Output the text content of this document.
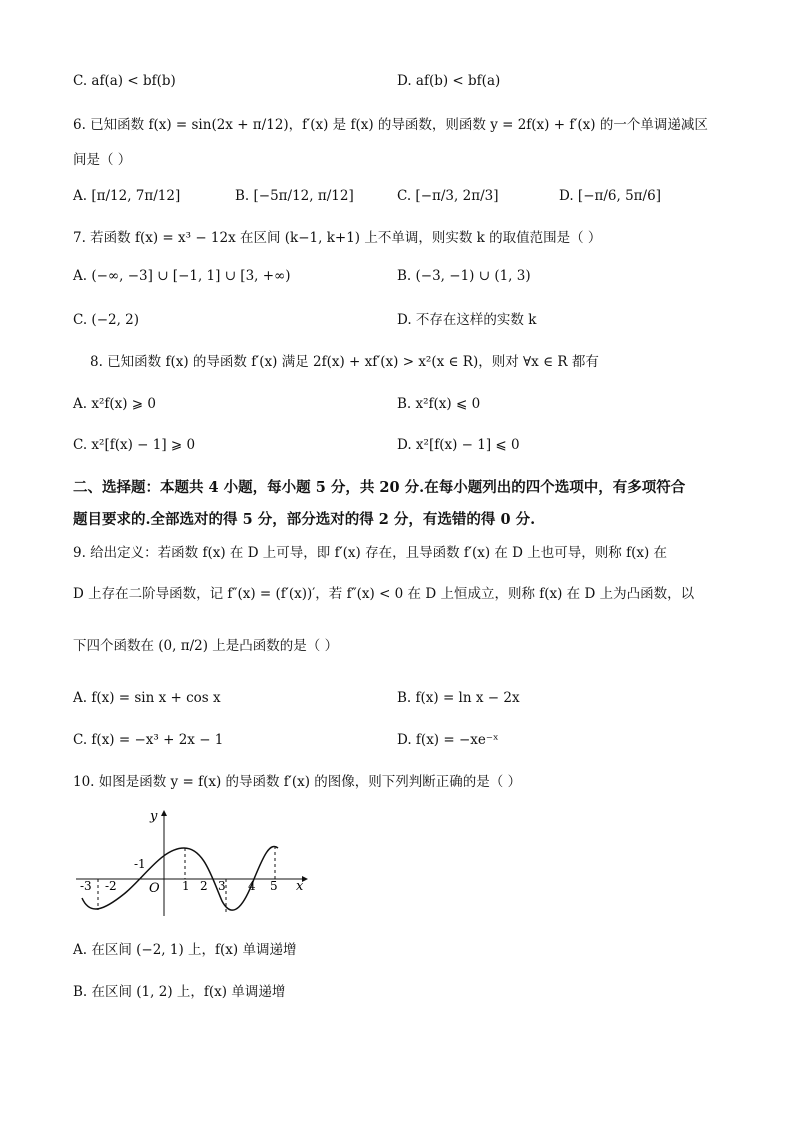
C. af(a) < bf(b)	D. af(b) < bf(a)
6. 已知函数 f(x) = sin(2x + π/12)，f′(x) 是 f(x) 的导函数，则函数 y = 2f(x) + f′(x) 的一个单调递减区
间是（ ）
A. [π/12, 7π/12]	B. [−5π/12, π/12]	C. [−π/3, 2π/3]	D. [−π/6, 5π/6]
7. 若函数 f(x) = x³ − 12x 在区间 (k−1, k+1) 上不单调，则实数 k 的取值范围是（ ）
A. (−∞, −3] ∪ [−1, 1] ∪ [3, +∞)	B. (−3, −1) ∪ (1, 3)
C. (−2, 2)	D. 不存在这样的实数 k
8. 已知函数 f(x) 的导函数 f′(x) 满足 2f(x) + xf′(x) > x²(x ∈ R)，则对 ∀x ∈ R 都有
A. x²f(x) ⩾ 0	B. x²f(x) ⩽ 0
C. x²[f(x) − 1] ⩾ 0	D. x²[f(x) − 1] ⩽ 0
二、选择题：本题共 4 小题，每小题 5 分，共 20 分.在每小题列出的四个选项中，有多项符合
题目要求的.全部选对的得 5 分，部分选对的得 2 分，有选错的得 0 分.
9. 给出定义：若函数 f(x) 在 D 上可导，即 f′(x) 存在，且导函数 f′(x) 在 D 上也可导，则称 f(x) 在
D 上存在二阶导函数，记 f″(x) = (f′(x))′，若 f″(x) < 0 在 D 上恒成立，则称 f(x) 在 D 上为凸函数，以
下四个函数在 (0, π/2) 上是凸函数的是（ ）
A. f(x) = sin x + cos x	B. f(x) = ln x − 2x
C. f(x) = −x³ + 2x − 1	D. f(x) = −xe⁻ˣ
10. 如图是函数 y = f(x) 的导函数 f′(x) 的图像，则下列判断正确的是（ ）
y
x
O
-3 -2
-1
1 2 3 4 5
A. 在区间 (−2, 1) 上，f(x) 单调递增
B. 在区间 (1, 2) 上，f(x) 单调递增
